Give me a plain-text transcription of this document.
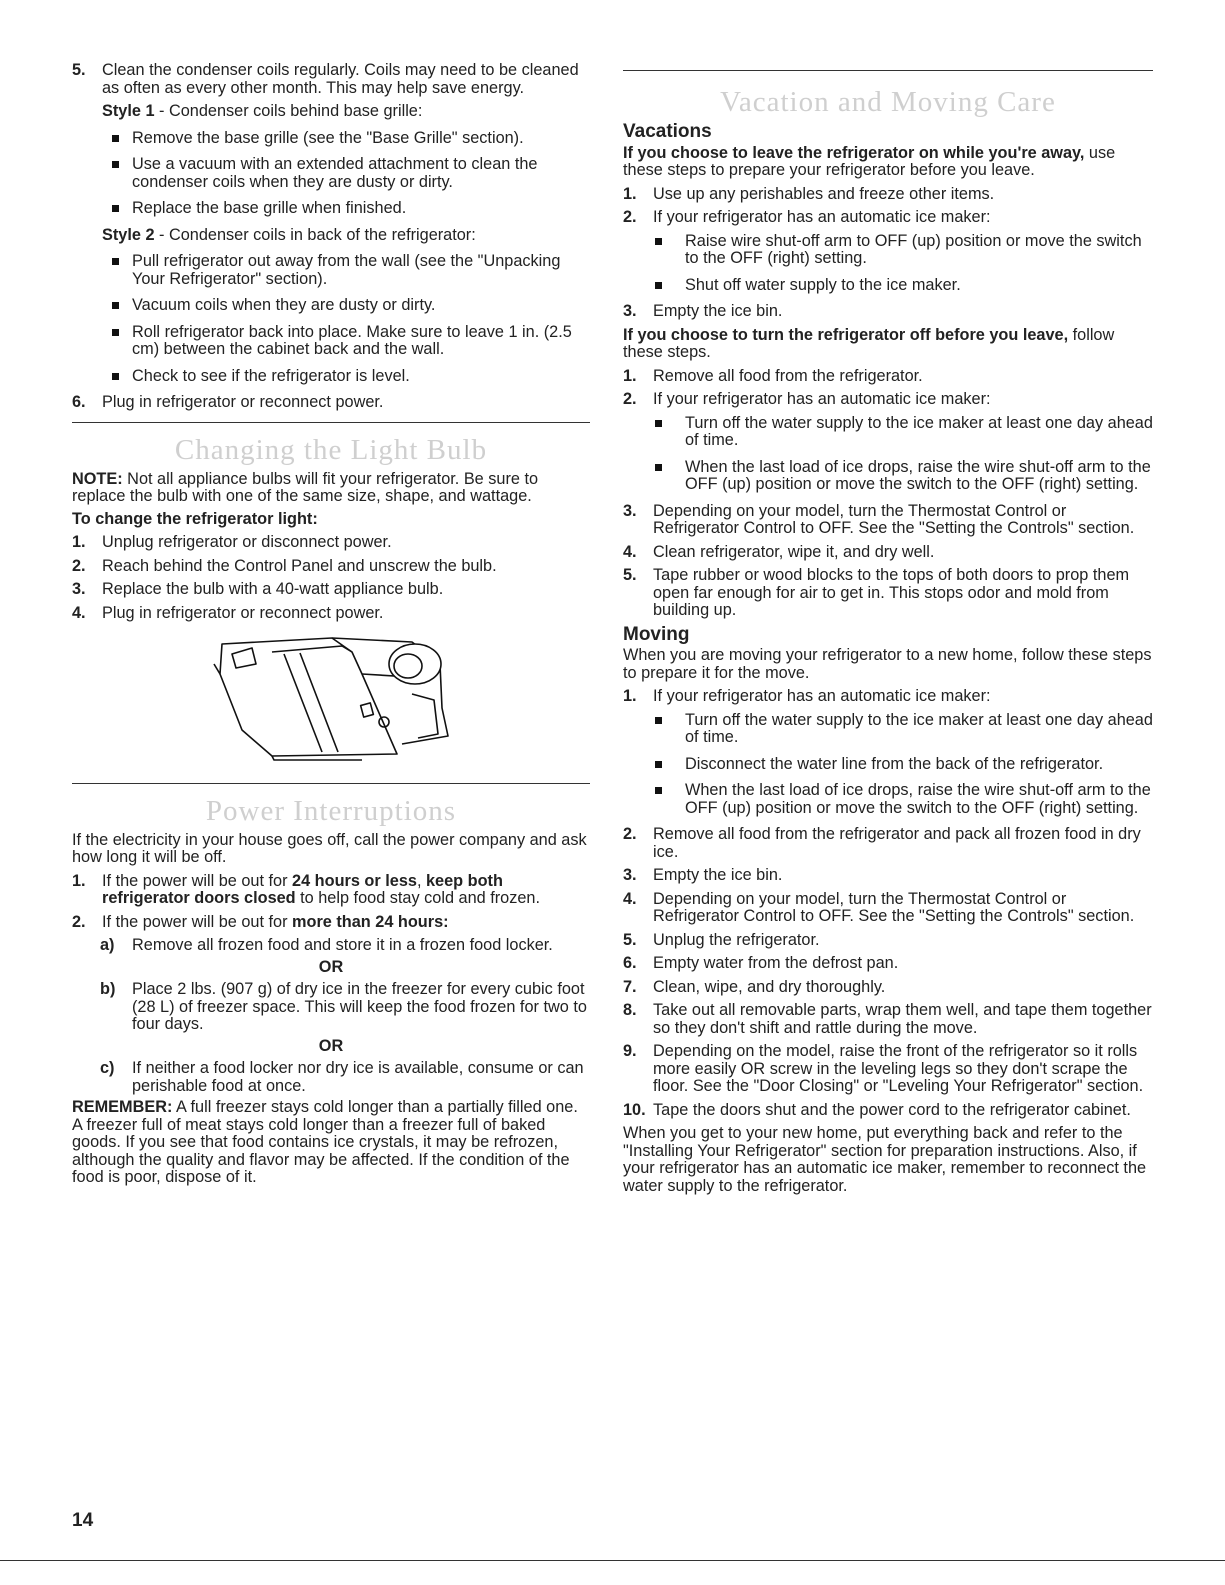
5. Clean the condenser coils regularly. Coils may need to be cleaned as often as every other month. This may help save energy.

Style 1 - Condenser coils behind base grille:

Remove the base grille (see the "Base Grille" section).

Use a vacuum with an extended attachment to clean the condenser coils when they are dusty or dirty.

Replace the base grille when finished.

Style 2 - Condenser coils in back of the refrigerator:

Pull refrigerator out away from the wall (see the "Unpacking Your Refrigerator" section).

Vacuum coils when they are dusty or dirty.

Roll refrigerator back into place. Make sure to leave 1 in. (2.5 cm) between the cabinet back and the wall.

Check to see if the refrigerator is level.

6. Plug in refrigerator or reconnect power.

Changing the Light Bulb

NOTE: Not all appliance bulbs will fit your refrigerator. Be sure to replace the bulb with one of the same size, shape, and wattage.

To change the refrigerator light:

1. Unplug refrigerator or disconnect power.

2. Reach behind the Control Panel and unscrew the bulb.

3. Replace the bulb with a 40-watt appliance bulb.

4. Plug in refrigerator or reconnect power.

Power Interruptions

If the electricity in your house goes off, call the power company and ask how long it will be off.

1. If the power will be out for 24 hours or less, keep both refrigerator doors closed to help food stay cold and frozen.

2. If the power will be out for more than 24 hours:

a) Remove all frozen food and store it in a frozen food locker.

OR

b) Place 2 lbs. (907 g) of dry ice in the freezer for every cubic foot (28 L) of freezer space. This will keep the food frozen for two to four days.

OR

c) If neither a food locker nor dry ice is available, consume or can perishable food at once.

REMEMBER: A full freezer stays cold longer than a partially filled one. A freezer full of meat stays cold longer than a freezer full of baked goods. If you see that food contains ice crystals, it may be refrozen, although the quality and flavor may be affected. If the condition of the food is poor, dispose of it.

Vacation and Moving Care

Vacations

If you choose to leave the refrigerator on while you're away, use these steps to prepare your refrigerator before you leave.

1. Use up any perishables and freeze other items.

2. If your refrigerator has an automatic ice maker:

Raise wire shut-off arm to OFF (up) position or move the switch to the OFF (right) setting.

Shut off water supply to the ice maker.

3. Empty the ice bin.

If you choose to turn the refrigerator off before you leave, follow these steps.

1. Remove all food from the refrigerator.

2. If your refrigerator has an automatic ice maker:

Turn off the water supply to the ice maker at least one day ahead of time.

When the last load of ice drops, raise the wire shut-off arm to the OFF (up) position or move the switch to the OFF (right) setting.

3. Depending on your model, turn the Thermostat Control or Refrigerator Control to OFF. See the "Setting the Controls" section.

4. Clean refrigerator, wipe it, and dry well.

5. Tape rubber or wood blocks to the tops of both doors to prop them open far enough for air to get in. This stops odor and mold from building up.

Moving

When you are moving your refrigerator to a new home, follow these steps to prepare it for the move.

1. If your refrigerator has an automatic ice maker:

Turn off the water supply to the ice maker at least one day ahead of time.

Disconnect the water line from the back of the refrigerator.

When the last load of ice drops, raise the wire shut-off arm to the OFF (up) position or move the switch to the OFF (right) setting.

2. Remove all food from the refrigerator and pack all frozen food in dry ice.

3. Empty the ice bin.

4. Depending on your model, turn the Thermostat Control or Refrigerator Control to OFF. See the "Setting the Controls" section.

5. Unplug the refrigerator.

6. Empty water from the defrost pan.

7. Clean, wipe, and dry thoroughly.

8. Take out all removable parts, wrap them well, and tape them together so they don't shift and rattle during the move.

9. Depending on the model, raise the front of the refrigerator so it rolls more easily OR screw in the leveling legs so they don't scrape the floor. See the "Door Closing" or "Leveling Your Refrigerator" section.

10. Tape the doors shut and the power cord to the refrigerator cabinet.

When you get to your new home, put everything back and refer to the "Installing Your Refrigerator" section for preparation instructions. Also, if your refrigerator has an automatic ice maker, remember to reconnect the water supply to the refrigerator.

14
